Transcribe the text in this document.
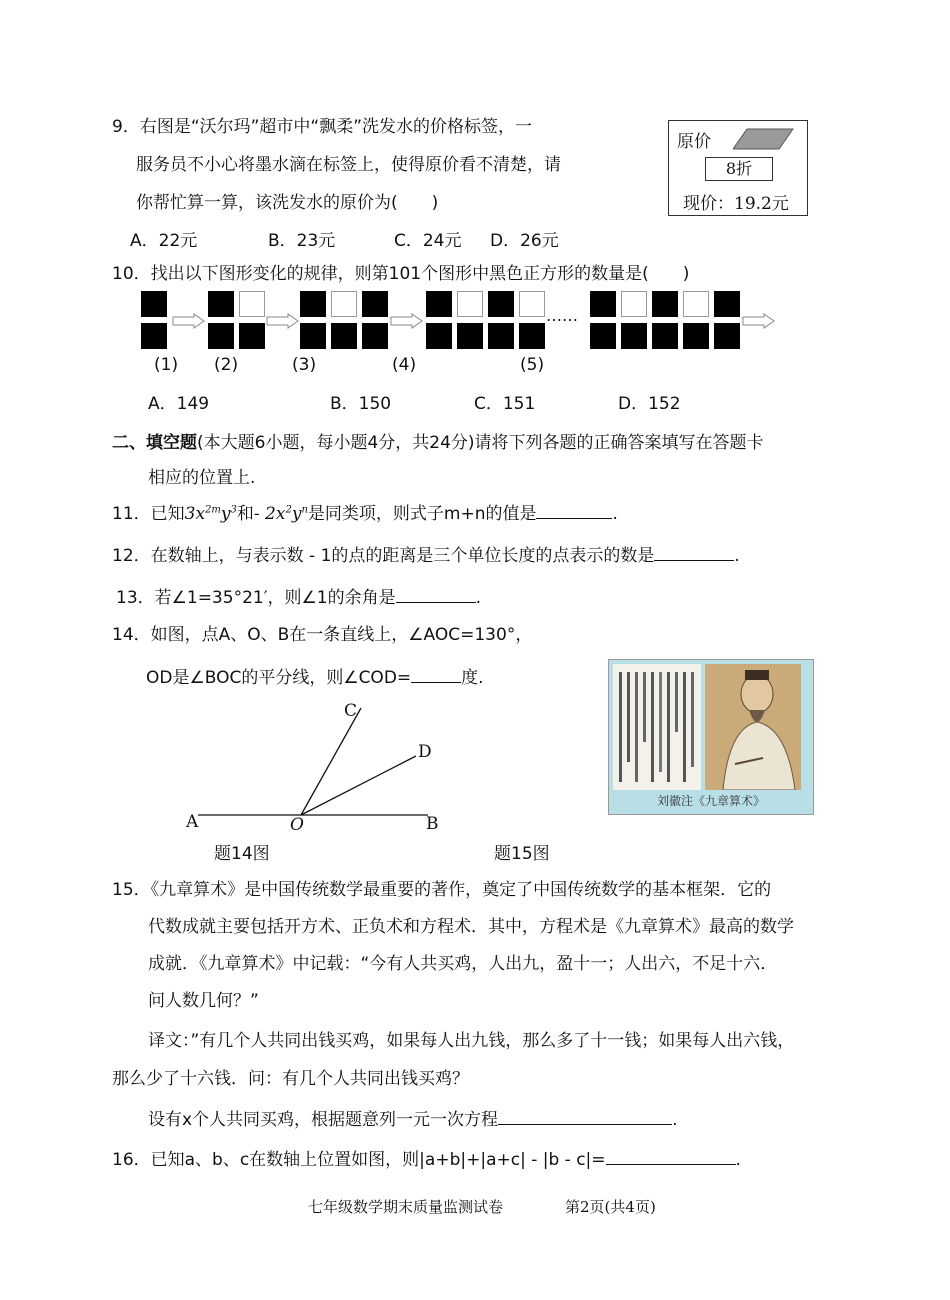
9．右图是“沃尔玛”超市中“飘柔”洗发水的价格标签，一
服务员不小心将墨水滴在标签上，使得原价看不清楚，请
你帮忙算一算，该洗发水的原价为(　　)
A．22元	B．23元	C．24元 D．26元
原价
8折
现价：19.2元
10．找出以下图形变化的规律，则第101个图形中黑色正方形的数量是(　　)
……
(1) (2)	(3)	(4)	(5)
A．149	B．150	C．151	D．152
二、填空题(本大题6小题，每小题4分，共24分)请将下列各题的正确答案填写在答题卡
相应的位置上.
11．已知$3x^{2m}y^3$和- $2x^2y^n$是同类项，则式子m+n的值是	.
12．在数轴上，与表示数 - 1的点的距离是三个单位长度的点表示的数是	.
13．若∠1=35°21′，则∠1的余角是	.
14．如图，点A、O、B在一条直线上，∠AOC=130°，
OD是∠BOC的平分线，则∠COD=	度.
A	O	B
C
D
题14图
刘徽注《九章算术》
题15图
15．《九章算术》是中国传统数学最重要的著作，奠定了中国传统数学的基本框架．它的
代数成就主要包括开方术、正负术和方程术．其中，方程术是《九章算术》最高的数学
成就．《九章算术》中记载：“今有人共买鸡，人出九，盈十一；人出六，不足十六．
问人数几何？”
译文：”有几个人共同出钱买鸡，如果每人出九钱，那么多了十一钱；如果每人出六钱，
那么少了十六钱．问：有几个人共同出钱买鸡？
设有x个人共同买鸡，根据题意列一元一次方程	.
16．已知a、b、c在数轴上位置如图，则|a+b|+|a+c| - |b - c|=	.
七年级数学期末质量监测试卷	第2页(共4页)
